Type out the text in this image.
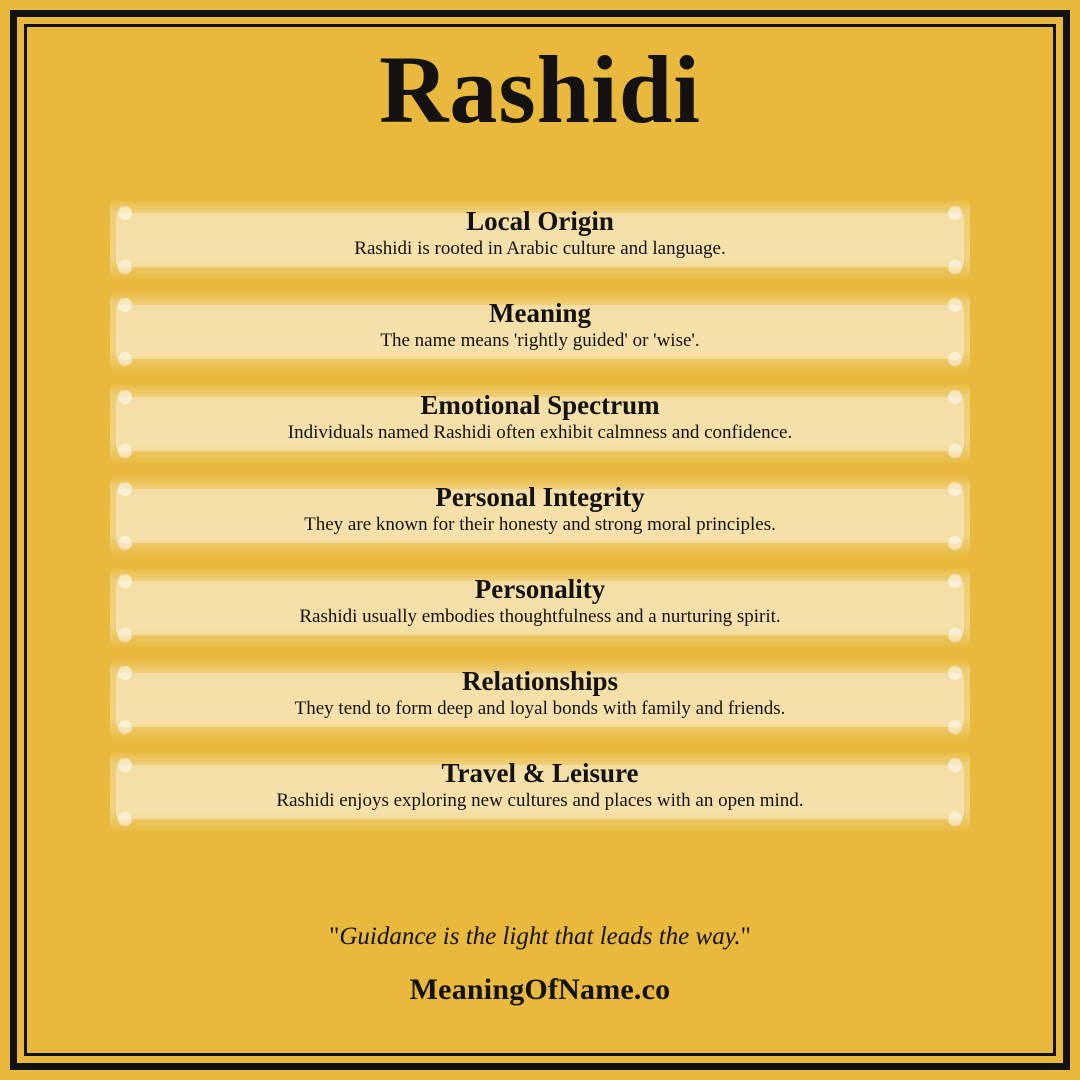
Rashidi

Local Origin

Rashidi is rooted in Arabic culture and language.

Meaning

The name means 'rightly guided' or 'wise'.

Emotional Spectrum

Individuals named Rashidi often exhibit calmness and confidence.

Personal Integrity

They are known for their honesty and strong moral principles.

Personality

Rashidi usually embodies thoughtfulness and a nurturing spirit.

Relationships

They tend to form deep and loyal bonds with family and friends.

Travel & Leisure

Rashidi enjoys exploring new cultures and places with an open mind.

"Guidance is the light that leads the way."
MeaningOfName.co
